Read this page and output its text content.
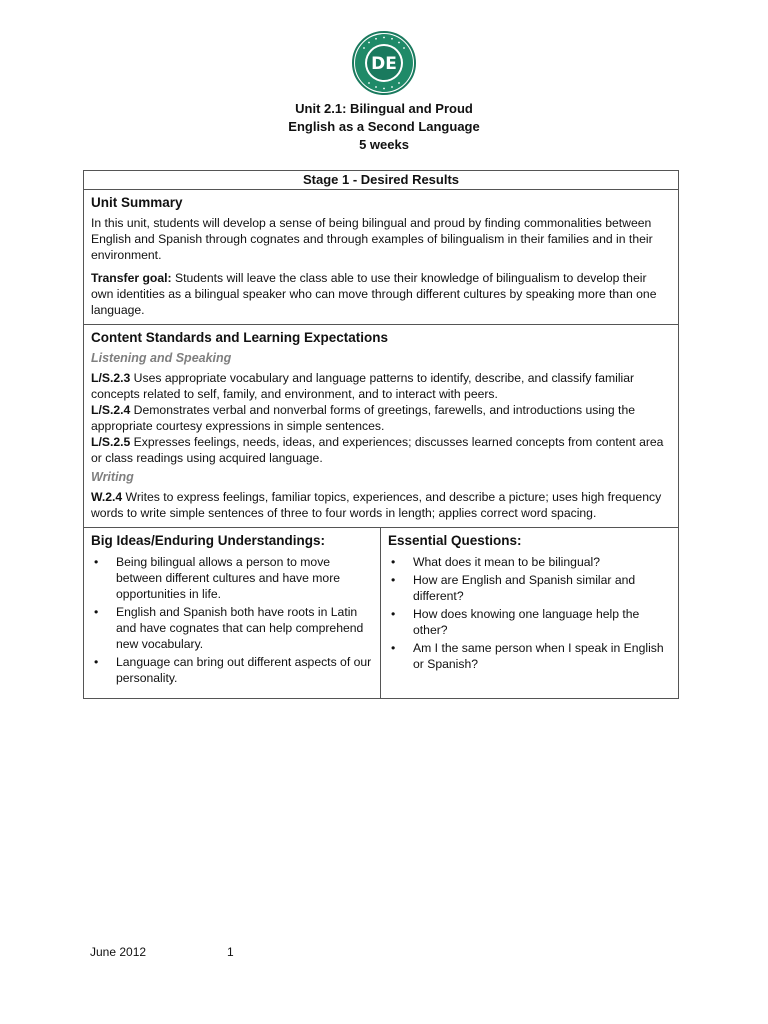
DE
Unit 2.1: Bilingual and Proud
English as a Second Language
5 weeks
Stage 1 - Desired Results
Unit Summary

In this unit, students will develop a sense of being bilingual and proud by finding commonalities between English and Spanish through cognates and through examples of bilingualism in their families and in their environment.

Transfer goal: Students will leave the class able to use their knowledge of bilingualism to develop their own identities as a bilingual speaker who can move through different cultures by speaking more than one language.

Content Standards and Learning Expectations
Listening and Speaking

L/S.2.3 Uses appropriate vocabulary and language patterns to identify, describe, and classify familiar concepts related to self, family, and environment, and to interact with peers.

L/S.2.4 Demonstrates verbal and nonverbal forms of greetings, farewells, and introductions using the appropriate courtesy expressions in simple sentences.

L/S.2.5 Expresses feelings, needs, ideas, and experiences; discusses learned concepts from content area or class readings using acquired language.

Writing

W.2.4 Writes to express feelings, familiar topics, experiences, and describe a picture; uses high frequency words to write simple sentences of three to four words in length; applies correct word spacing.

Big Ideas/Enduring Understandings:
• Being bilingual allows a person to move between different cultures and have more opportunities in life.
• English and Spanish both have roots in Latin and have cognates that can help comprehend new vocabulary.
• Language can bring out different aspects of our personality.
Essential Questions:
• What does it mean to be bilingual?
• How are English and Spanish similar and different?
• How does knowing one language help the other?
• Am I the same person when I speak in English or Spanish?
June 2012	1
